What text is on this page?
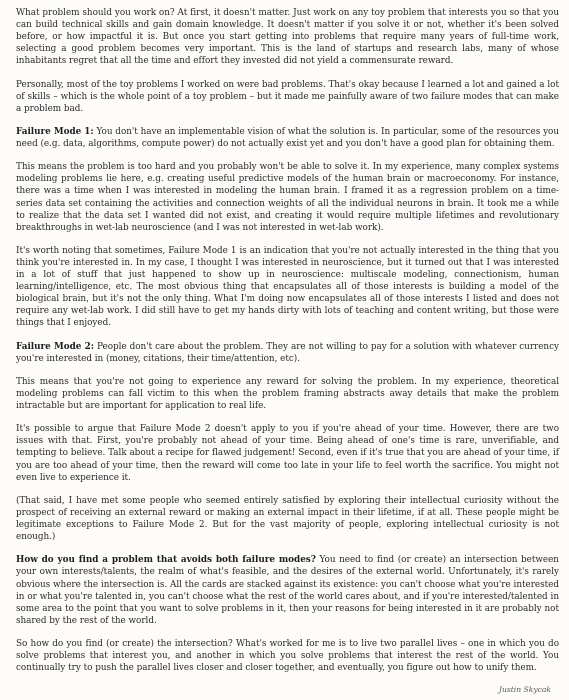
What problem should you work on? At first, it doesn't matter. Just work on any toy problem that interests you so that you can build technical skills and gain domain knowledge. It doesn't matter if you solve it or not, whether it's been solved before, or how impactful it is. But once you start getting into problems that require many years of full-time work, selecting a good problem becomes very important. This is the land of startups and research labs, many of whose inhabitants regret that all the time and effort they invested did not yield a commensurate reward.

Personally, most of the toy problems I worked on were bad problems. That's okay because I learned a lot and gained a lot of skills – which is the whole point of a toy problem – but it made me painfully aware of two failure modes that can make a problem bad.

Failure Mode 1: You don't have an implementable vision of what the solution is. In particular, some of the resources you need (e.g. data, algorithms, compute power) do not actually exist yet and you don't have a good plan for obtaining them.

This means the problem is too hard and you probably won't be able to solve it. In my experience, many complex systems modeling problems lie here, e.g. creating useful predictive models of the human brain or macroeconomy. For instance, there was a time when I was interested in modeling the human brain. I framed it as a regression problem on a time-series data set containing the activities and connection weights of all the individual neurons in brain. It took me a while to realize that the data set I wanted did not exist, and creating it would require multiple lifetimes and revolutionary breakthroughs in wet-lab neuroscience (and I was not interested in wet-lab work).

It's worth noting that sometimes, Failure Mode 1 is an indication that you're not actually interested in the thing that you think you're interested in. In my case, I thought I was interested in neuroscience, but it turned out that I was interested in a lot of stuff that just happened to show up in neuroscience: multiscale modeling, connectionism, human learning/intelligence, etc. The most obvious thing that encapsulates all of those interests is building a model of the biological brain, but it's not the only thing. What I'm doing now encapsulates all of those interests I listed and does not require any wet-lab work. I did still have to get my hands dirty with lots of teaching and content writing, but those were things that I enjoyed.

Failure Mode 2: People don't care about the problem. They are not willing to pay for a solution with whatever currency you're interested in (money, citations, their time/attention, etc).

This means that you're not going to experience any reward for solving the problem. In my experience, theoretical modeling problems can fall victim to this when the problem framing abstracts away details that make the problem intractable but are important for application to real life.

It's possible to argue that Failure Mode 2 doesn't apply to you if you're ahead of your time. However, there are two issues with that. First, you're probably not ahead of your time. Being ahead of one's time is rare, unverifiable, and tempting to believe. Talk about a recipe for flawed judgement! Second, even if it's true that you are ahead of your time, if you are too ahead of your time, then the reward will come too late in your life to feel worth the sacrifice. You might not even live to experience it.

(That said, I have met some people who seemed entirely satisfied by exploring their intellectual curiosity without the prospect of receiving an external reward or making an external impact in their lifetime, if at all. These people might be legitimate exceptions to Failure Mode 2. But for the vast majority of people, exploring intellectual curiosity is not enough.)

How do you find a problem that avoids both failure modes? You need to find (or create) an intersection between your own interests/talents, the realm of what's feasible, and the desires of the external world. Unfortunately, it's rarely obvious where the intersection is. All the cards are stacked against its existence: you can't choose what you're interested in or what you're talented in, you can't choose what the rest of the world cares about, and if you're interested/talented in some area to the point that you want to solve problems in it, then your reasons for being interested in it are probably not shared by the rest of the world.

So how do you find (or create) the intersection? What's worked for me is to live two parallel lives – one in which you do solve problems that interest you, and another in which you solve problems that interest the rest of the world. You continually try to push the parallel lives closer and closer together, and eventually, you figure out how to unify them.

Justin Skycak
